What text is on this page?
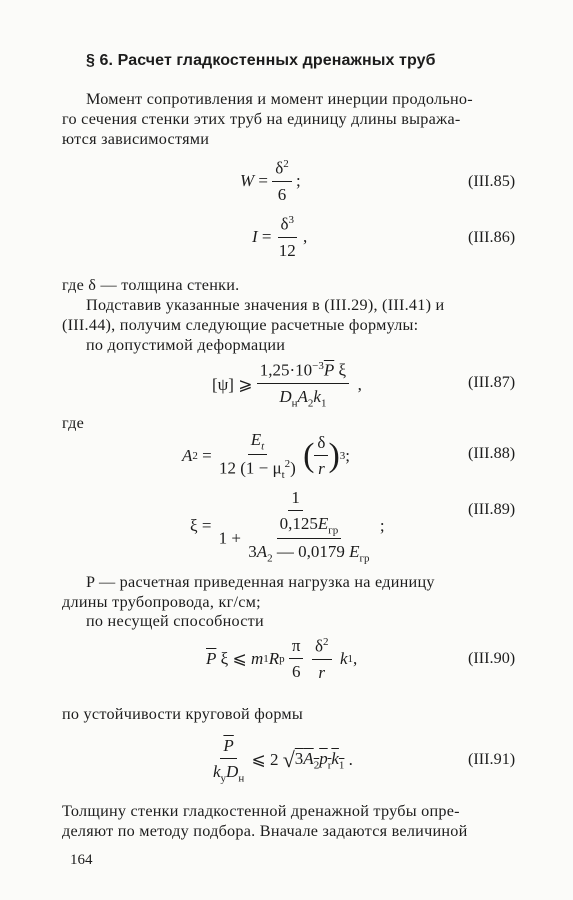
§ 6. Расчет гладкостенных дренажных труб
Момент сопротивления и момент инерции продольно-
го сечения стенки этих труб на единицу длины выража-
ются зависимостями
$W = \frac{\delta^2}{6}$ ;	(III.85)
$I = \frac{\delta^3}{12}$ ,	(III.86)
где δ — толщина стенки.
Подставив указанные значения в (III.29), (III.41) и
(III.44), получим следующие расчетные формулы:
по допустимой деформации
[ψ] ⩾ $\frac{1,25\cdot 10^{-3}\overline{P} \xi}{D_нA_2k_1}$ ,	(III.87)
где
A $2 = \frac{E_t}{12 (1 - \mu_t^2)}$
( $\frac{\delta}{r}$ ) 3 ;	(III.88)
$\xi = \frac{1}{1 + \frac{0,125E_{гр}}{3A_2 — 0,0179 E_{гр}}}$ ;
(III.89)
P — расчетная приведенная нагрузка на единицу
длины трубопровода, кг/см;
по несущей способности
$\overline{P}$ ξ ⩽ m 1 R р
$\frac{\pi}{6}$
$\frac{\delta^2}{r}$
k 1 ,	(III.90)
по устойчивости круговой формы
$\frac{\overline{P}}{k_уD_н}$ ⩽ 2 √ $3A_2p_rk_1$ .	(III.91)
Толщину стенки гладкостенной дренажной трубы опре-
деляют по методу подбора. Вначале задаются величиной
164
